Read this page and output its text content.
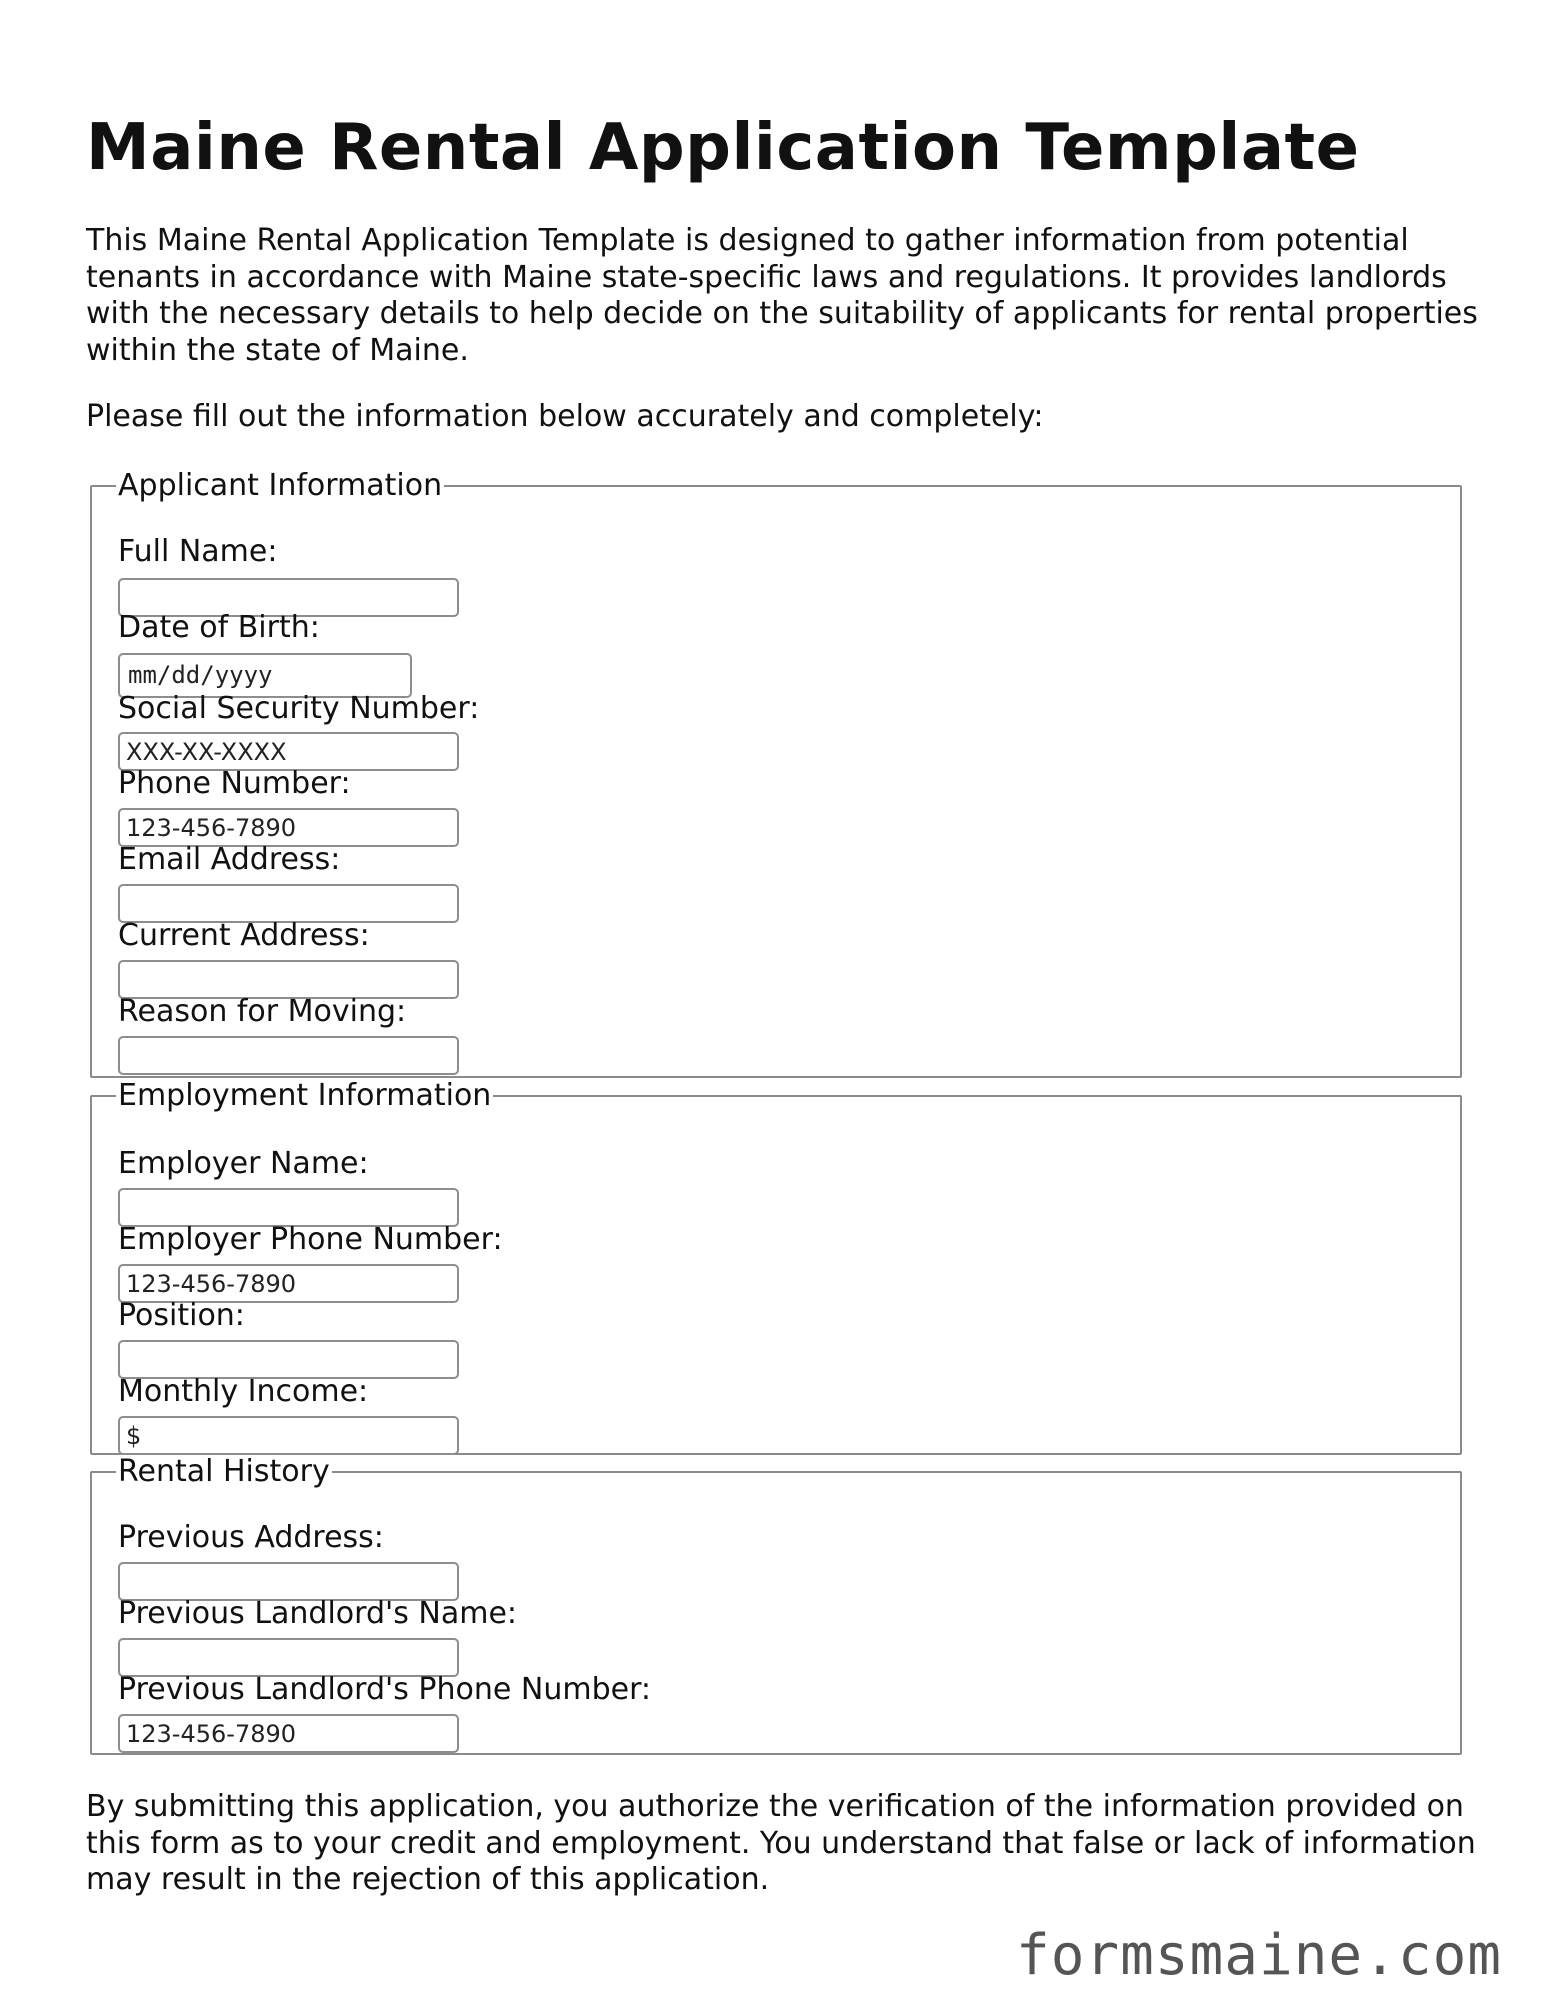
Maine Rental Application Template

This Maine Rental Application Template is designed to gather information from potential tenants in accordance with Maine state-specific laws and regulations. It provides landlords with the necessary details to help decide on the suitability of applicants for rental properties within the state of Maine.

Please fill out the information below accurately and completely:

Applicant Information
Full Name:
Date of Birth:
mm/dd/yyyy
Social Security Number:
XXX-XX-XXXX
Phone Number:
123-456-7890
Email Address:
Current Address:
Reason for Moving:
Employment Information
Employer Name:
Employer Phone Number:
123-456-7890
Position:
Monthly Income:
$
Rental History
Previous Address:
Previous Landlord's Name:
Previous Landlord's Phone Number:
123-456-7890

By submitting this application, you authorize the verification of the information provided on this form as to your credit and employment. You understand that false or lack of information may result in the rejection of this application.

formsmaine.com
